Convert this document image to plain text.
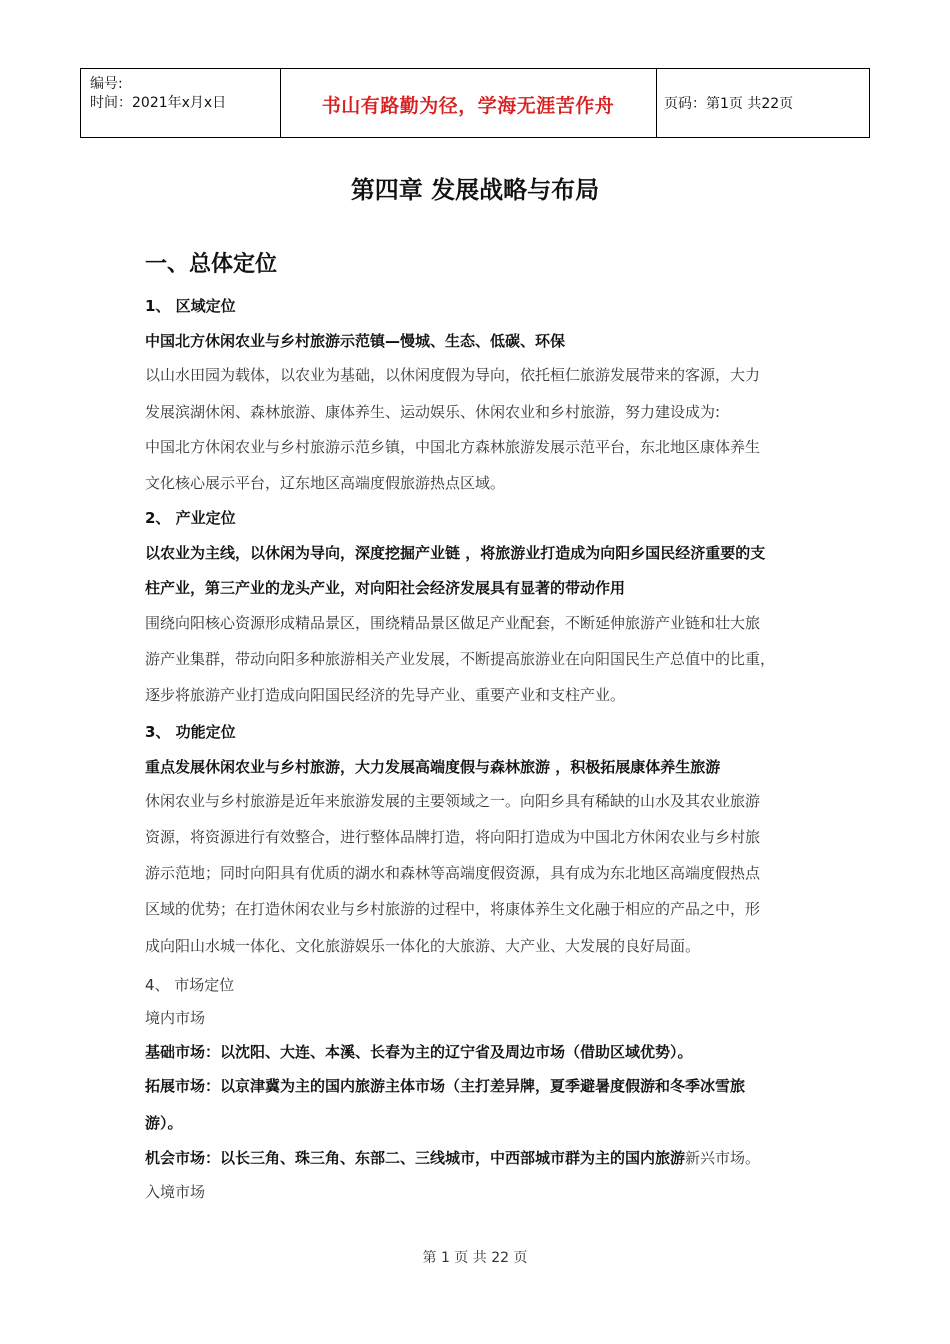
编号:
时间：2021年x月x日	书山有路勤为径，学海无涯苦作舟	页码：第1页 共22页
第四章 发展战略与布局
一、总体定位
1、 区域定位
中国北方休闲农业与乡村旅游示范镇—慢城、生态、低碳、环保
以山水田园为载体，以农业为基础，以休闲度假为导向，依托桓仁旅游发展带来的客源，大力
发展滨湖休闲、森林旅游、康体养生、运动娱乐、休闲农业和乡村旅游，努力建设成为:
中国北方休闲农业与乡村旅游示范乡镇，中国北方森林旅游发展示范平台，东北地区康体养生
文化核心展示平台，辽东地区高端度假旅游热点区域。
2、 产业定位
以农业为主线，以休闲为导向，深度挖掘产业链 ，将旅游业打造成为向阳乡国民经济重要的支
柱产业，第三产业的龙头产业，对向阳社会经济发展具有显著的带动作用
围绕向阳核心资源形成精品景区，围绕精品景区做足产业配套，不断延伸旅游产业链和壮大旅
游产业集群，带动向阳多种旅游相关产业发展，不断提高旅游业在向阳国民生产总值中的比重，
逐步将旅游产业打造成向阳国民经济的先导产业、重要产业和支柱产业。
3、 功能定位
重点发展休闲农业与乡村旅游，大力发展高端度假与森林旅游 ，积极拓展康体养生旅游
休闲农业与乡村旅游是近年来旅游发展的主要领域之一。向阳乡具有稀缺的山水及其农业旅游
资源，将资源进行有效整合，进行整体品牌打造，将向阳打造成为中国北方休闲农业与乡村旅
游示范地；同时向阳具有优质的湖水和森林等高端度假资源，具有成为东北地区高端度假热点
区域的优势；在打造休闲农业与乡村旅游的过程中，将康体养生文化融于相应的产品之中，形
成向阳山水城一体化、文化旅游娱乐一体化的大旅游、大产业、大发展的良好局面。
4、 市场定位
境内市场
基础市场：以沈阳、大连、本溪、长春为主的辽宁省及周边市场（借助区域优势）。
拓展市场：以京津冀为主的国内旅游主体市场（主打差异牌，夏季避暑度假游和冬季冰雪旅
游）。
机会市场：以长三角、珠三角、东部二、三线城市，中西部城市群为主的国内旅游新兴市场。
入境市场
第 1 页 共 22 页
